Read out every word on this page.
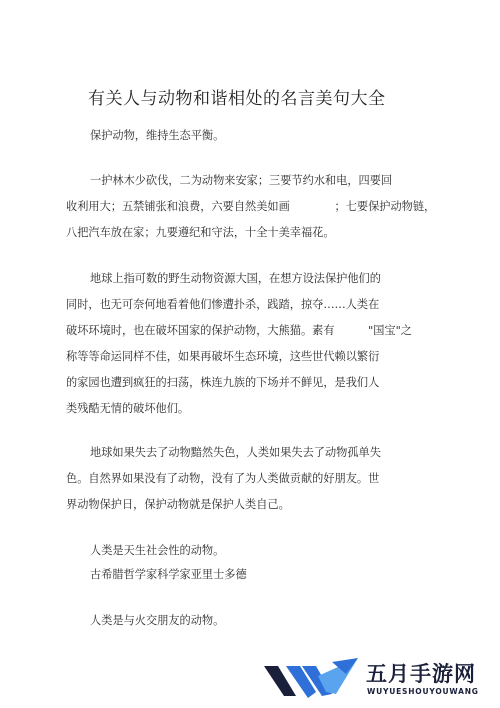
有关人与动物和谐相处的名言美句大全
保护动物，维持生态平衡。
一护林木少砍伐，二为动物来安家；三要节约水和电，四要回
收利用大；五禁铺张和浪费，六要自然美如画　　　　；七要保护动物链，
八把汽车放在家；九要遵纪和守法，十全十美幸福花。
地球上指可数的野生动物资源大国，在想方设法保护他们的
同时，也无可奈何地看着他们惨遭扑杀，践踏，掠夺……人类在
破坏环境时，也在破坏国家的保护动物，大熊猫。素有　　　"国宝"之
称等等命运同样不佳，如果再破坏生态环境，这些世代赖以繁衍
的家园也遭到疯狂的扫荡，株连九族的下场并不鲜见，是我们人
类残酷无情的破坏他们。
地球如果失去了动物黯然失色，人类如果失去了动物孤单失
色。自然界如果没有了动物，没有了为人类做贡献的好朋友。世
界动物保护日，保护动物就是保护人类自己。
人类是天生社会性的动物。
古希腊哲学家科学家亚里士多德
人类是与火交朋友的动物。
五月手游网
WUYUESHOUYOUWANG
